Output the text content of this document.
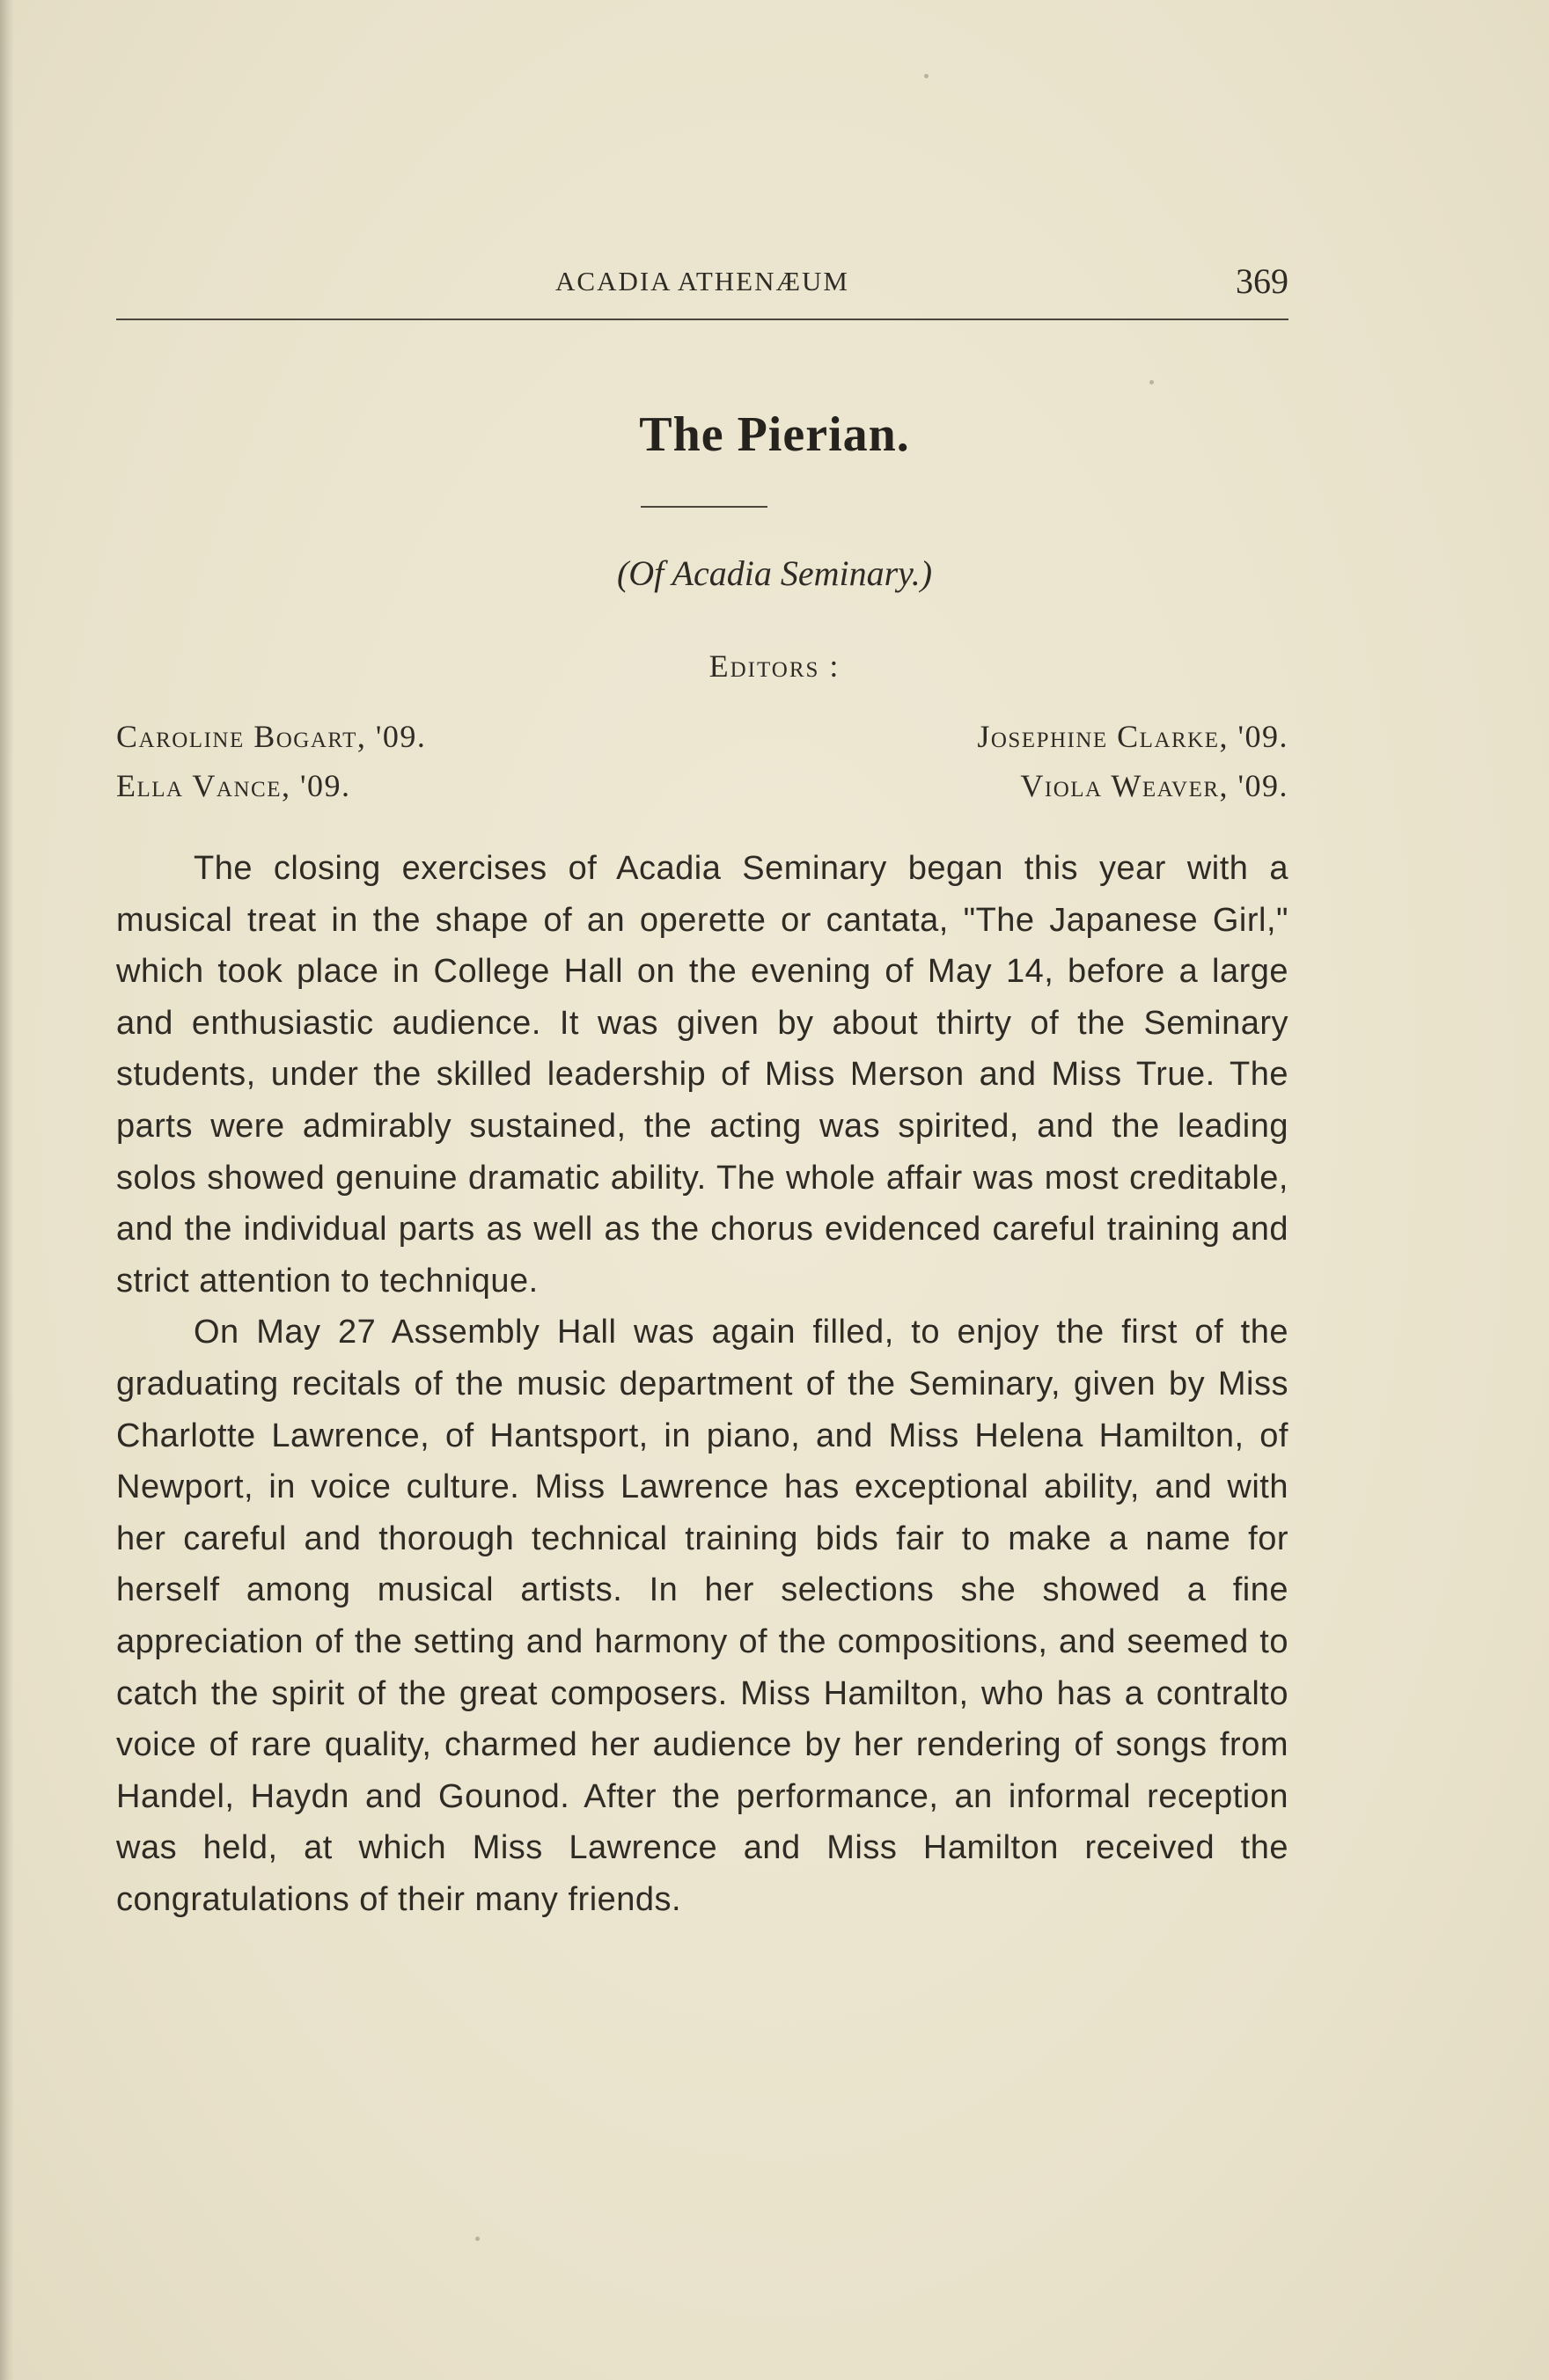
ACADIA ATHENÆUM	369
The Pierian.
(Of Acadia Seminary.)
Editors :
Caroline Bogart, '09.
Ella Vance, '09.
Josephine Clarke, '09.
Viola Weaver, '09.

The closing exercises of Acadia Seminary began this year with a musical treat in the shape of an operette or cantata, "The Japanese Girl," which took place in College Hall on the evening of May 14, before a large and enthusiastic audience. It was given by about thirty of the Seminary students, under the skilled leadership of Miss Merson and Miss True. The parts were admirably sustained, the acting was spirited, and the leading solos showed genuine dramatic ability. The whole affair was most creditable, and the individual parts as well as the chorus evidenced careful training and strict attention to technique.

On May 27 Assembly Hall was again filled, to enjoy the first of the graduating recitals of the music department of the Seminary, given by Miss Charlotte Lawrence, of Hantsport, in piano, and Miss Helena Hamilton, of Newport, in voice culture. Miss Lawrence has exceptional ability, and with her careful and thorough technical training bids fair to make a name for herself among musical artists. In her selections she showed a fine appreciation of the setting and harmony of the compositions, and seemed to catch the spirit of the great composers. Miss Hamilton, who has a contralto voice of rare quality, charmed her audience by her rendering of songs from Handel, Haydn and Gounod. After the performance, an informal reception was held, at which Miss Lawrence and Miss Hamilton received the congratulations of their many friends.
